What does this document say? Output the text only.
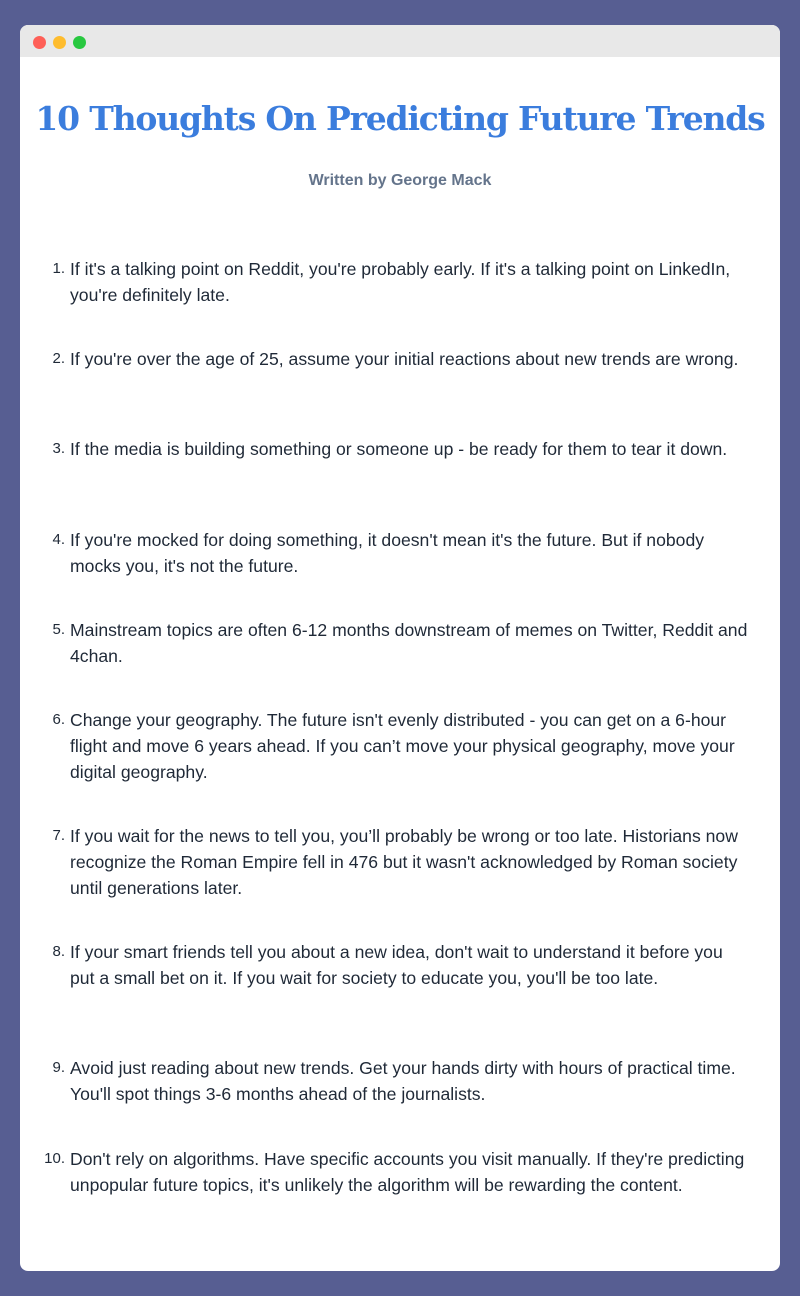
10 Thoughts On Predicting Future Trends
Written by George Mack
1. If it's a talking point on Reddit, you're probably early. If it's a talking point on LinkedIn, you're definitely late.
2. If you're over the age of 25, assume your initial reactions about new trends are wrong.
3. If the media is building something or someone up - be ready for them to tear it down.
4. If you're mocked for doing something, it doesn't mean it's the future. But if nobody mocks you, it's not the future.
5. Mainstream topics are often 6-12 months downstream of memes on Twitter, Reddit and 4chan.
6. Change your geography. The future isn't evenly distributed - you can get on a 6-hour flight and move 6 years ahead. If you can’t move your physical geography, move your digital geography.
7. If you wait for the news to tell you, you’ll probably be wrong or too late. Historians now recognize the Roman Empire fell in 476 but it wasn't acknowledged by Roman society until generations later.
8. If your smart friends tell you about a new idea, don't wait to understand it before you put a small bet on it. If you wait for society to educate you, you'll be too late.
9. Avoid just reading about new trends. Get your hands dirty with hours of practical time. You'll spot things 3-6 months ahead of the journalists.
10. Don't rely on algorithms. Have specific accounts you visit manually. If they're predicting unpopular future topics, it's unlikely the algorithm will be rewarding the content.
